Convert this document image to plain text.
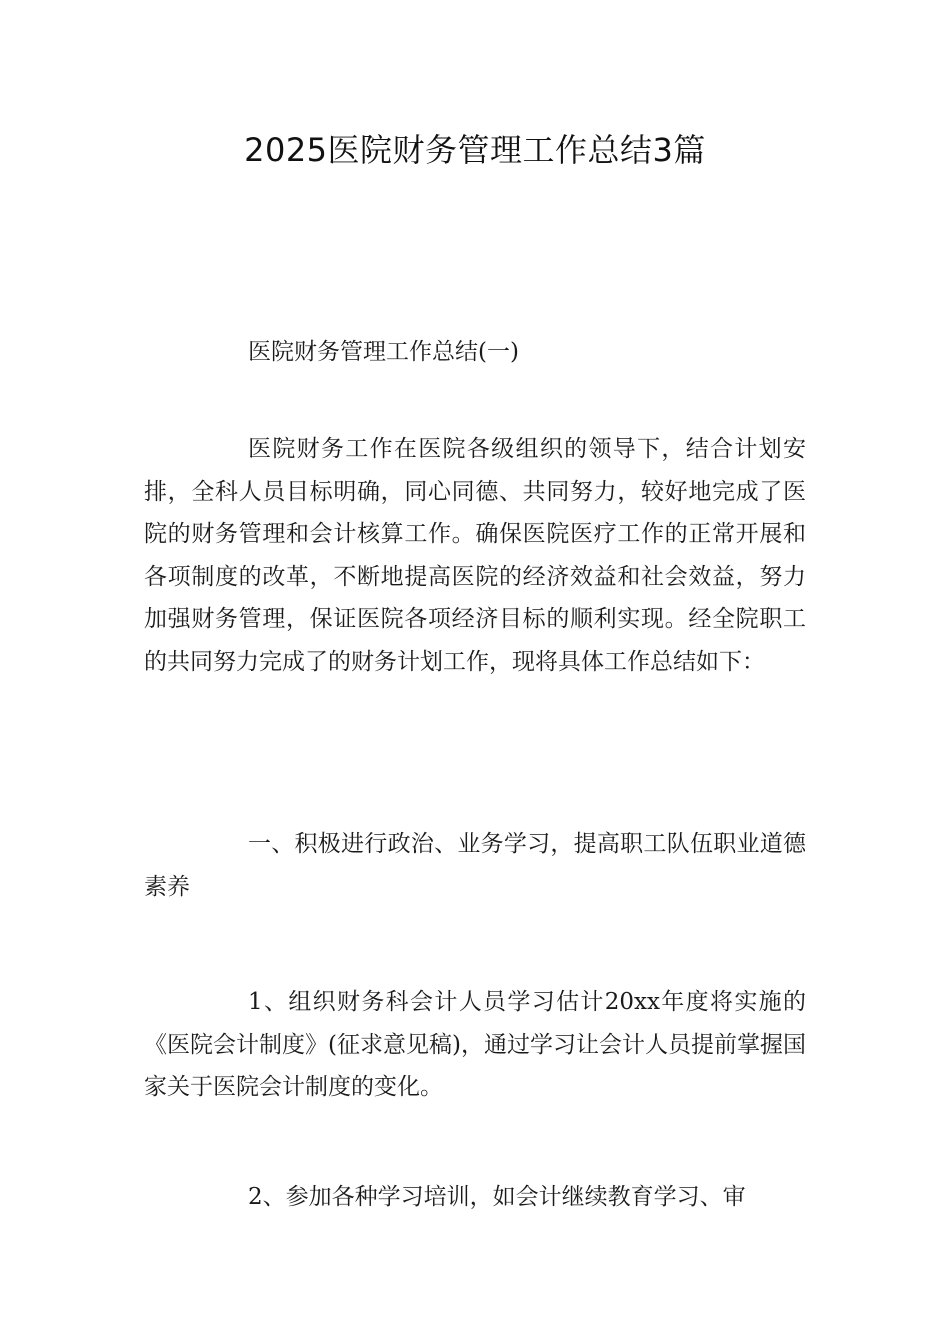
2025医院财务管理工作总结3篇

医院财务管理工作总结(一)

医院财务工作在医院各级组织的领导下，结合计划安排，全科人员目标明确，同心同德、共同努力，较好地完成了医院的财务管理和会计核算工作。确保医院医疗工作的正常开展和各项制度的改革，不断地提高医院的经济效益和社会效益，努力加强财务管理，保证医院各项经济目标的顺利实现。经全院职工的共同努力完成了的财务计划工作，现将具体工作总结如下：

一、积极进行政治、业务学习，提高职工队伍职业道德素养

1、组织财务科会计人员学习估计20xx年度将实施的《医院会计制度》(征求意见稿)，通过学习让会计人员提前掌握国家关于医院会计制度的变化。

2、参加各种学习培训，如会计继续教育学习、审
